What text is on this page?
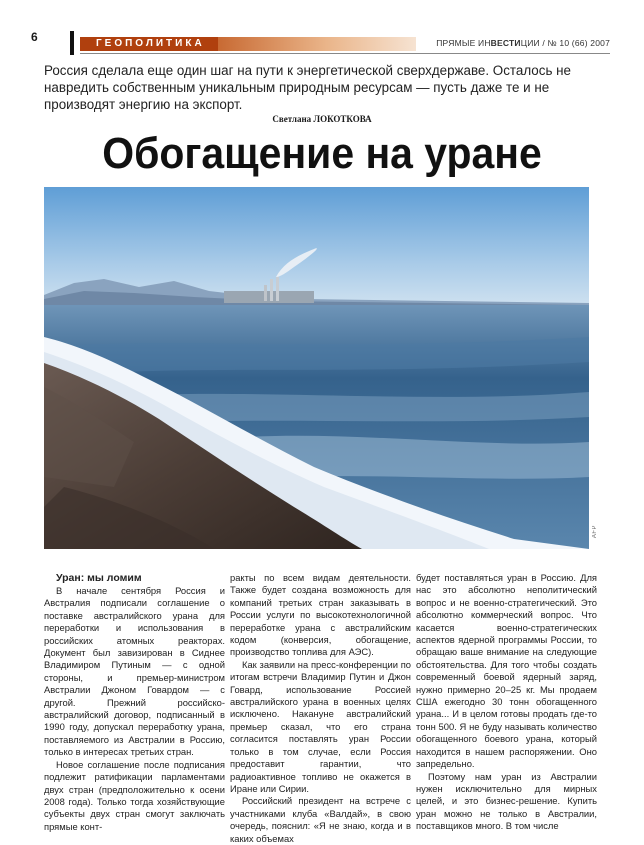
6	ГЕОПОЛИТИКА	ПРЯМЫЕ ИНВЕСТИЦИИ / № 10 (66) 2007
Россия сделала еще один шаг на пути к энергетической сверхдержаве. Осталось не навредить собственным уникальным природным ресурсам — пусть даже те и не производят энергию на экспорт.
Светлана ЛОКОТКОВА
Обогащение на уране
AFP
Уран: мы ломим

В начале сентября Россия и Австралия подписали соглашение о поставке австралийского урана для переработки и использования в российских атомных реакторах. Документ был завизирован в Сиднее Владимиром Путиным — с одной стороны, и премьер-министром Австралии Джоном Говардом — с другой. Прежний российско-австралийский договор, подписанный в 1990 году, допускал переработку урана, поставляемого из Австралии в Россию, только в интересах третьих стран.

Новое соглашение после подписания подлежит ратификации парламентами двух стран (предположительно к осени 2008 года). Только тогда хозяйствующие субъекты двух стран смогут заключать прямые конт-

ракты по всем видам деятельности. Также будет создана возможность для компаний третьих стран заказывать в России услуги по высокотехнологичной переработке урана с австралийским кодом (конверсия, обогащение, производство топлива для АЭС).

Как заявили на пресс-конференции по итогам встречи Владимир Путин и Джон Говард, использование Россией австралийского урана в военных целях исключено. Накануне австралийский премьер сказал, что его страна согласится поставлять уран России только в том случае, если Россия предоставит гарантии, что радиоактивное топливо не окажется в Иране или Сирии.

Российский президент на встрече с участниками клуба «Валдай», в свою очередь, пояснил: «Я не знаю, когда и в каких объемах

будет поставляться уран в Россию. Для нас это абсолютно неполитический вопрос и не военно-стратегический. Это абсолютно коммерческий вопрос. Что касается военно-стратегических аспектов ядерной программы России, то обращаю ваше внимание на следующие обстоятельства. Для того чтобы создать современный боевой ядерный заряд, нужно примерно 20–25 кг. Мы продаем США ежегодно 30 тонн обогащенного урана... И в целом готовы продать где-то тонн 500. Я не буду называть количество обогащенного боевого урана, который находится в нашем распоряжении. Оно запредельно.

Поэтому нам уран из Австралии нужен исключительно для мирных целей, и это бизнес-решение. Купить уран можно не только в Австралии, поставщиков много. В том числе
